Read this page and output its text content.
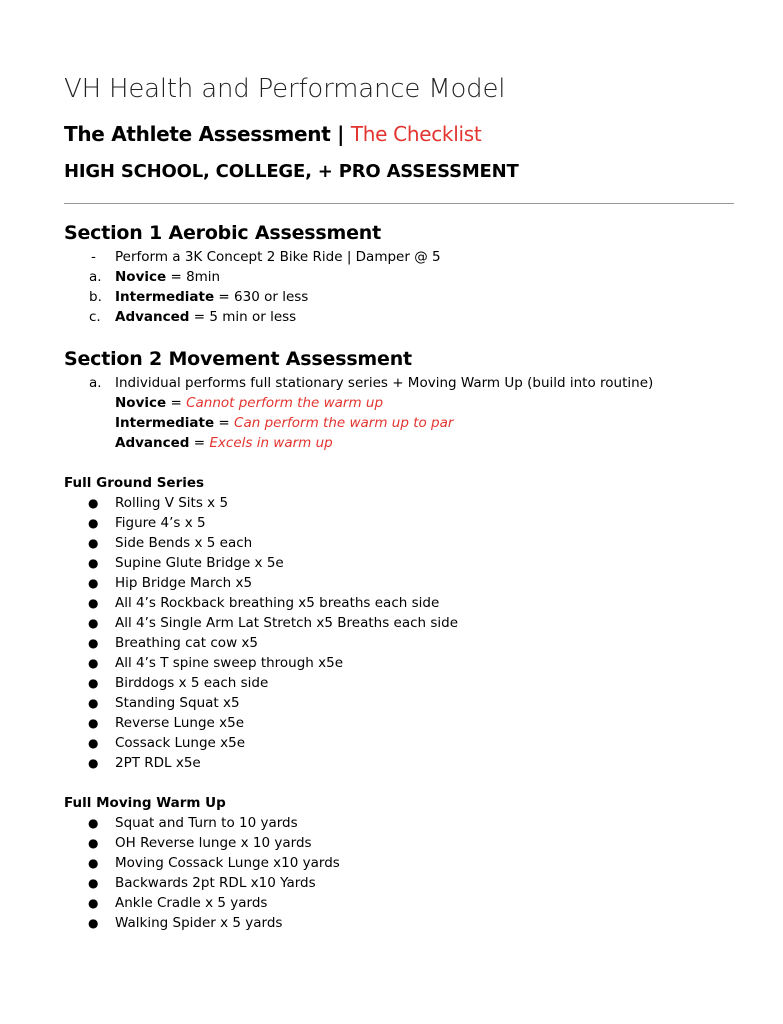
VH Health and Performance Model
The Athlete Assessment | The Checklist
HIGH SCHOOL, COLLEGE, + PRO ASSESSMENT
Section 1 Aerobic Assessment
- Perform a 3K Concept 2 Bike Ride | Damper @ 5
a. Novice = 8min
b. Intermediate = 630 or less
c. Advanced = 5 min or less
Section 2 Movement Assessment
a. Individual performs full stationary series + Moving Warm Up (build into routine)
Novice = Cannot perform the warm up
Intermediate = Can perform the warm up to par
Advanced = Excels in warm up
Full Ground Series
● Rolling V Sits x 5
● Figure 4’s x 5
● Side Bends x 5 each
● Supine Glute Bridge x 5e
● Hip Bridge March x5
● All 4’s Rockback breathing x5 breaths each side
● All 4’s Single Arm Lat Stretch x5 Breaths each side
● Breathing cat cow x5
● All 4’s T spine sweep through x5e
● Birddogs x 5 each side
● Standing Squat x5
● Reverse Lunge x5e
● Cossack Lunge x5e
● 2PT RDL x5e
Full Moving Warm Up
● Squat and Turn to 10 yards
● OH Reverse lunge x 10 yards
● Moving Cossack Lunge x10 yards
● Backwards 2pt RDL x10 Yards
● Ankle Cradle x 5 yards
● Walking Spider x 5 yards
